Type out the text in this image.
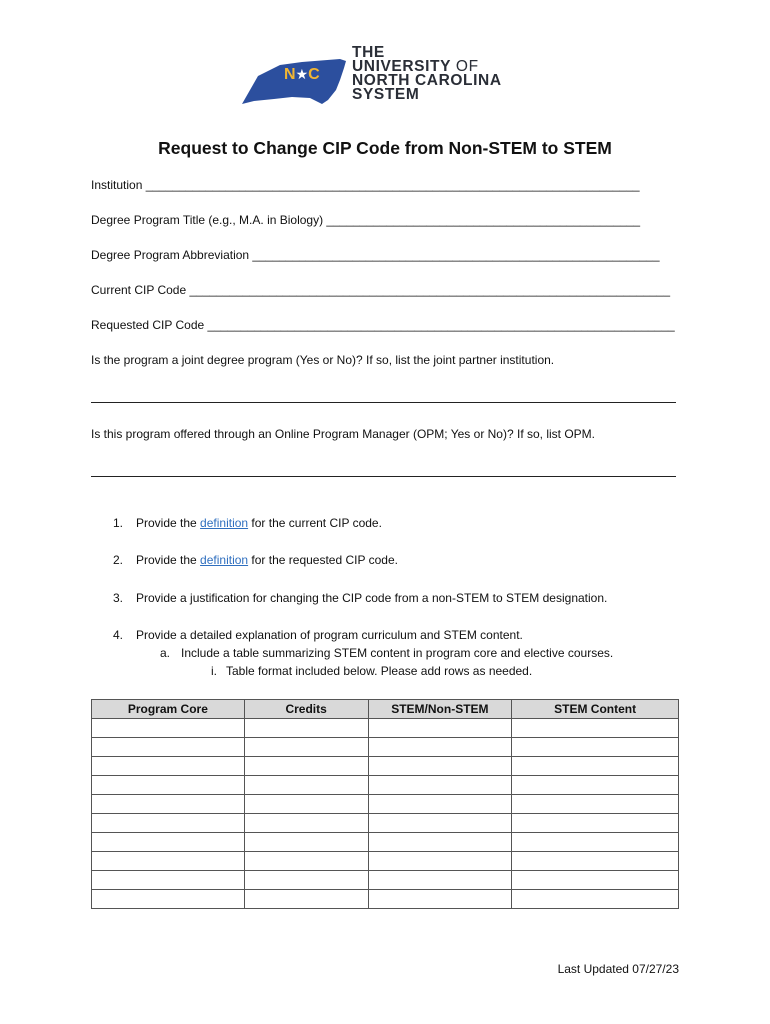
N★C
THE
UNIVERSITY OF
NORTH CAROLINA
SYSTEM
Request to Change CIP Code from Non-STEM to STEM
Institution __________________________________________________________________________
Degree Program Title (e.g., M.A. in Biology) _______________________________________________
Degree Program Abbreviation _____________________________________________________________
Current CIP Code ________________________________________________________________________
Requested CIP Code ______________________________________________________________________
Is the program a joint degree program (Yes or No)? If so, list the joint partner institution.
Is this program offered through an Online Program Manager (OPM; Yes or No)? If so, list OPM.
1. Provide the definition for the current CIP code.
2. Provide the definition for the requested CIP code.
3. Provide a justification for changing the CIP code from a non-STEM to STEM designation.
4. Provide a detailed explanation of program curriculum and STEM content.
a. Include a table summarizing STEM content in program core and elective courses.
i. Table format included below. Please add rows as needed.
Program Core	Credits	STEM/Non-STEM	STEM Content

Last Updated 07/27/23
